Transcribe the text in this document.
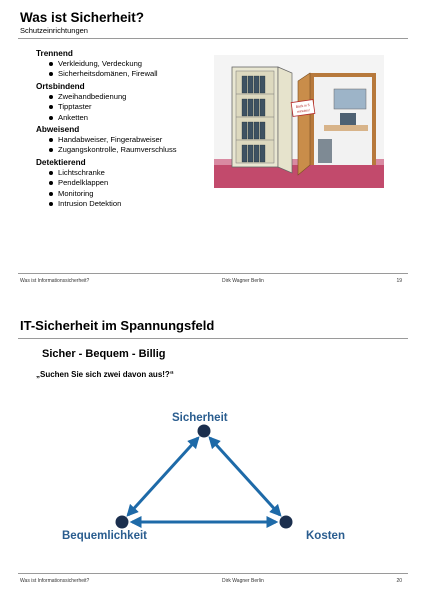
Was ist Sicherheit?
Schutzeinrichtungen
Trennend
Verkleidung, Verdeckung
Sicherheitsdomänen, Firewall
Ortsbindend
Zweihandbedienung
Tipptaster
Anketten
Abweisend
Handabweiser, Fingerabweiser
Zugangskontrolle, Raumverschluss
Detektierend
Lichtschranke
Pendelklappen
Monitoring
Intrusion Detektion
Back in 5
minutes!
Was ist Informationssicherheit?	Dirk Wagner Berlin	19
IT-Sicherheit im Spannungsfeld
Sicher - Bequem - Billig
„Suchen Sie sich zwei davon aus!?“
Sicherheit
Bequemlichkeit	Kosten
Was ist Informationssicherheit?	Dirk Wagner Berlin	20
